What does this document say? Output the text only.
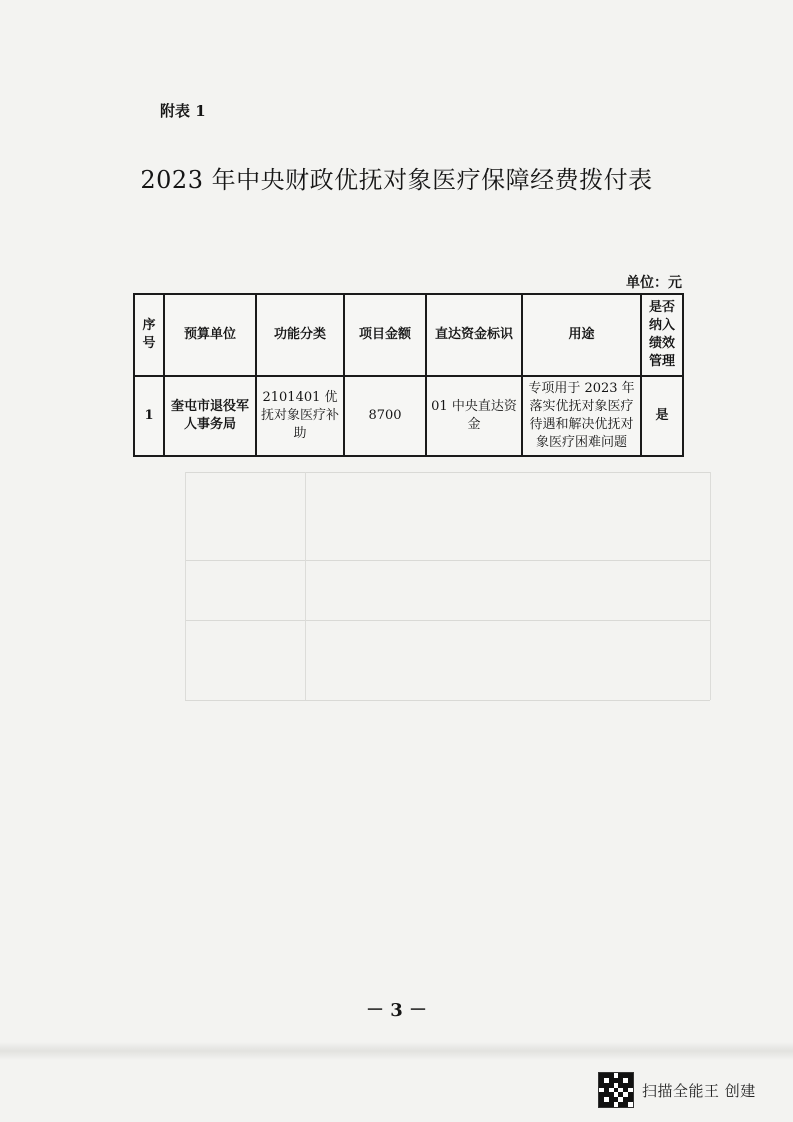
附表 1
2023 年中央财政优抚对象医疗保障经费拨付表
单位：元
序号	预算单位	功能分类	项目金额	直达资金标识	用途	是否纳入绩效管理
1	奎屯市退役军人事务局	2101401 优抚对象医疗补助	8700	01 中央直达资金	专项用于 2023 年落实优抚对象医疗待遇和解决优抚对象医疗困难问题	是
－ 3 －
扫描全能王 创建
